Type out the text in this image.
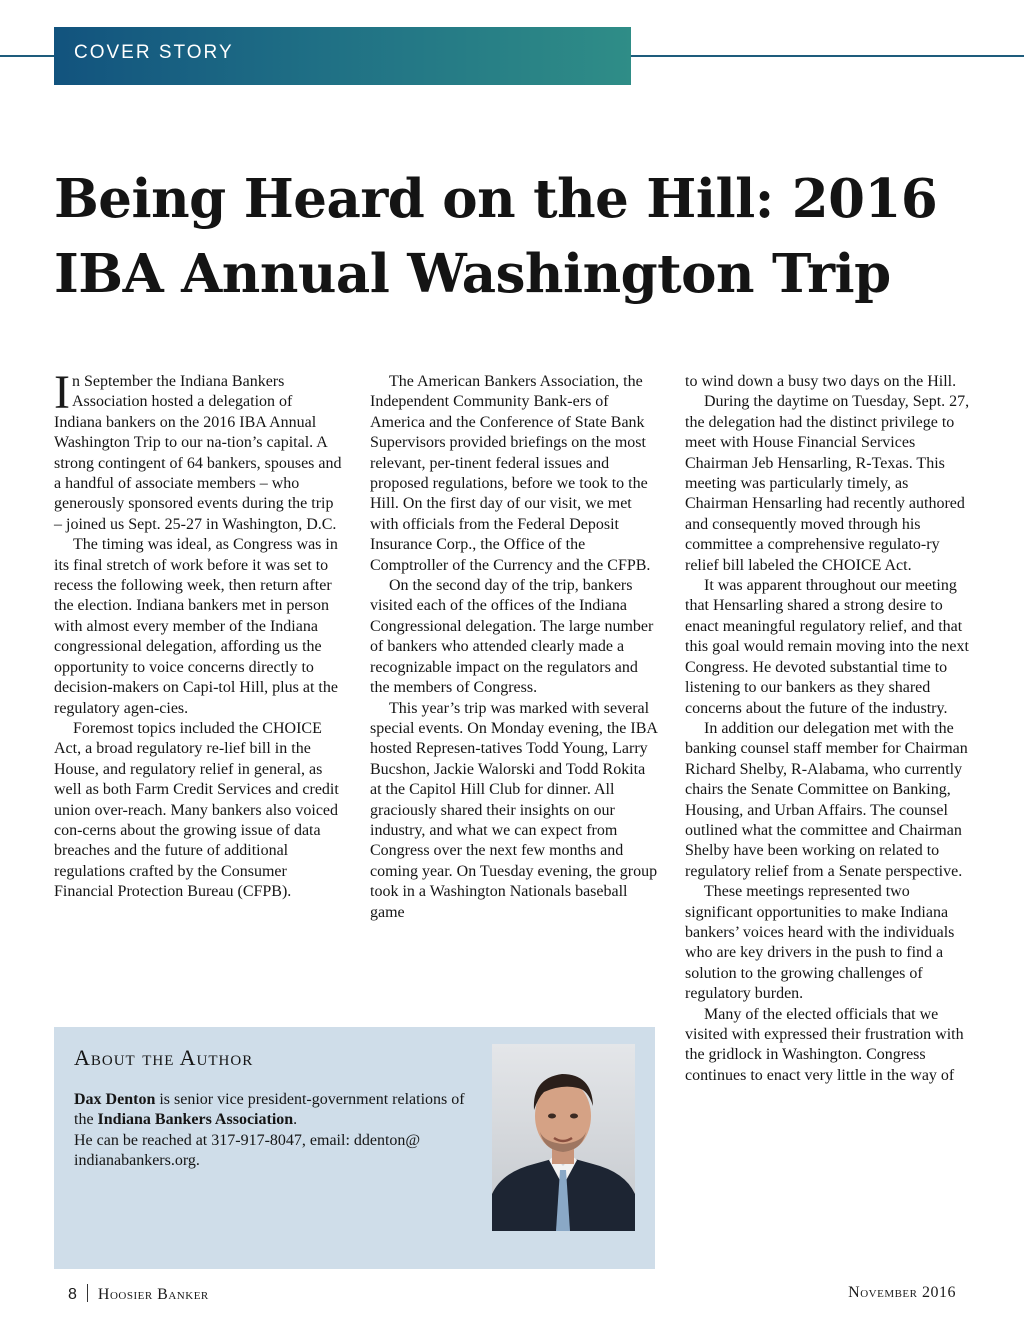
COVER STORY
Being Heard on the Hill: 2016 IBA Annual Washington Trip

In September the Indiana Bankers Association hosted a delegation of Indiana bankers on the 2016 IBA Annual Washington Trip to our na-tion’s capital. A strong contingent of 64 bankers, spouses and a handful of associate members – who generously sponsored events during the trip – joined us Sept. 25-27 in Washington, D.C.

The timing was ideal, as Congress was in its final stretch of work before it was set to recess the following week, then return after the election. Indiana bankers met in person with almost every member of the Indiana congressional delegation, affording us the opportunity to voice concerns directly to decision-makers on Capi-tol Hill, plus at the regulatory agen-cies.

Foremost topics included the CHOICE Act, a broad regulatory re-lief bill in the House, and regulatory relief in general, as well as both Farm Credit Services and credit union over-reach. Many bankers also voiced con-cerns about the growing issue of data breaches and the future of additional regulations crafted by the Consumer Financial Protection Bureau (CFPB).

The American Bankers Association, the Independent Community Bank-ers of America and the Conference of State Bank Supervisors provided briefings on the most relevant, per-tinent federal issues and proposed regulations, before we took to the Hill. On the first day of our visit, we met with officials from the Federal Deposit Insurance Corp., the Office of the Comptroller of the Currency and the CFPB.

On the second day of the trip, bankers visited each of the offices of the Indiana Congressional delegation. The large number of bankers who attended clearly made a recognizable impact on the regulators and the members of Congress.

This year’s trip was marked with several special events. On Monday evening, the IBA hosted Represen-tatives Todd Young, Larry Bucshon, Jackie Walorski and Todd Rokita at the Capitol Hill Club for dinner. All graciously shared their insights on our industry, and what we can expect from Congress over the next few months and coming year. On Tuesday evening, the group took in a Washington Nationals baseball game

to wind down a busy two days on the Hill.

During the daytime on Tuesday, Sept. 27, the delegation had the distinct privilege to meet with House Financial Services Chairman Jeb Hensarling, R-Texas. This meeting was particularly timely, as Chairman Hensarling had recently authored and consequently moved through his committee a comprehensive regulato-ry relief bill labeled the CHOICE Act.

It was apparent throughout our meeting that Hensarling shared a strong desire to enact meaningful regulatory relief, and that this goal would remain moving into the next Congress. He devoted substantial time to listening to our bankers as they shared concerns about the future of the industry.

In addition our delegation met with the banking counsel staff member for Chairman Richard Shelby, R-Alabama, who currently chairs the Senate Committee on Banking, Housing, and Urban Affairs. The counsel outlined what the committee and Chairman Shelby have been working on related to regulatory relief from a Senate perspective.

These meetings represented two significant opportunities to make Indiana bankers’ voices heard with the individuals who are key drivers in the push to find a solution to the growing challenges of regulatory burden.

Many of the elected officials that we visited with expressed their frustration with the gridlock in Washington. Congress continues to enact very little in the way of

About the Author

Dax Denton is senior vice president-government relations of the Indiana Bankers Association.
He can be reached at 317-917-8047, email: ddenton@ indianabankers.org.

8 Hoosier Banker	November 2016
